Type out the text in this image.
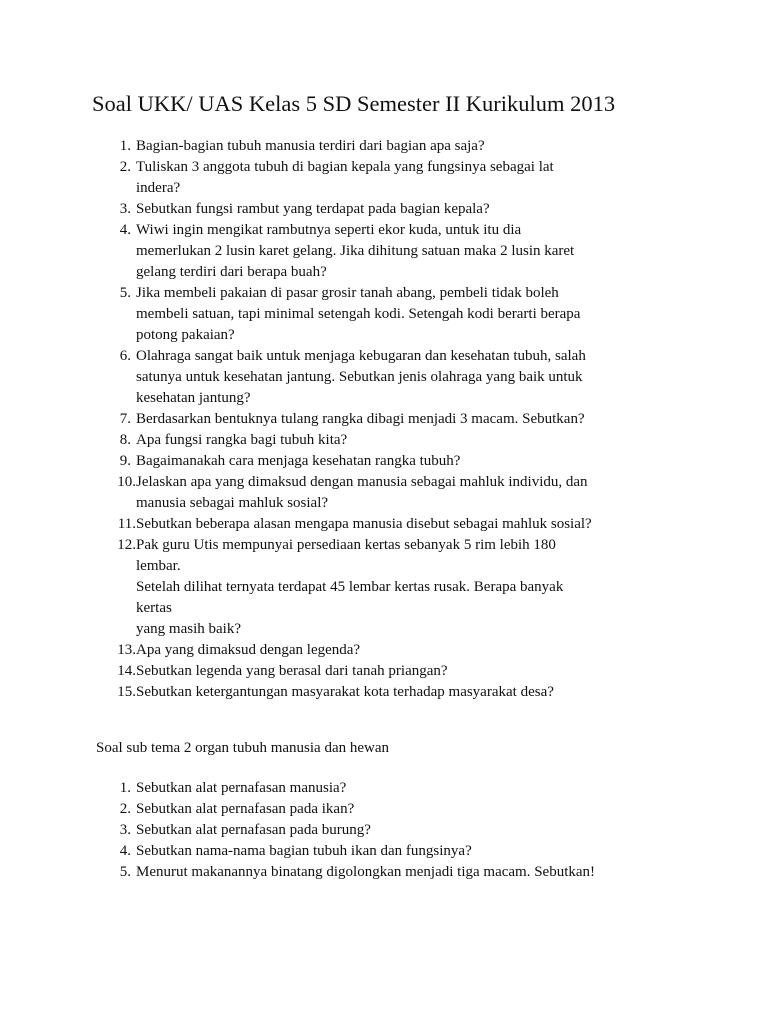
Soal UKK/ UAS Kelas 5 SD Semester II Kurikulum 2013
1. Bagian-bagian tubuh manusia terdiri dari bagian apa saja?
2. Tuliskan 3 anggota tubuh di bagian kepala yang fungsinya sebagai lat
indera?
3. Sebutkan fungsi rambut yang terdapat pada bagian kepala?
4. Wiwi ingin mengikat rambutnya seperti ekor kuda, untuk itu dia
memerlukan 2 lusin karet gelang. Jika dihitung satuan maka 2 lusin karet
gelang terdiri dari berapa buah?
5. Jika membeli pakaian di pasar grosir tanah abang, pembeli tidak boleh
membeli satuan, tapi minimal setengah kodi. Setengah kodi berarti berapa
potong pakaian?
6. Olahraga sangat baik untuk menjaga kebugaran dan kesehatan tubuh, salah
satunya untuk kesehatan jantung. Sebutkan jenis olahraga yang baik untuk
kesehatan jantung?
7. Berdasarkan bentuknya tulang rangka dibagi menjadi 3 macam. Sebutkan?
8. Apa fungsi rangka bagi tubuh kita?
9. Bagaimanakah cara menjaga kesehatan rangka tubuh?
10. Jelaskan apa yang dimaksud dengan manusia sebagai mahluk individu, dan
manusia sebagai mahluk sosial?
11. Sebutkan beberapa alasan mengapa manusia disebut sebagai mahluk sosial?
12. Pak guru Utis mempunyai persediaan kertas sebanyak 5 rim lebih 180
lembar.
Setelah dilihat ternyata terdapat 45 lembar kertas rusak. Berapa banyak
kertas
yang masih baik?
13. Apa yang dimaksud dengan legenda?
14. Sebutkan legenda yang berasal dari tanah priangan?
15. Sebutkan ketergantungan masyarakat kota terhadap masyarakat desa?

Soal sub tema 2 organ tubuh manusia dan hewan

1. Sebutkan alat pernafasan manusia?
2. Sebutkan alat pernafasan pada ikan?
3. Sebutkan alat pernafasan pada burung?
4. Sebutkan nama-nama bagian tubuh ikan dan fungsinya?
5. Menurut makanannya binatang digolongkan menjadi tiga macam. Sebutkan!
